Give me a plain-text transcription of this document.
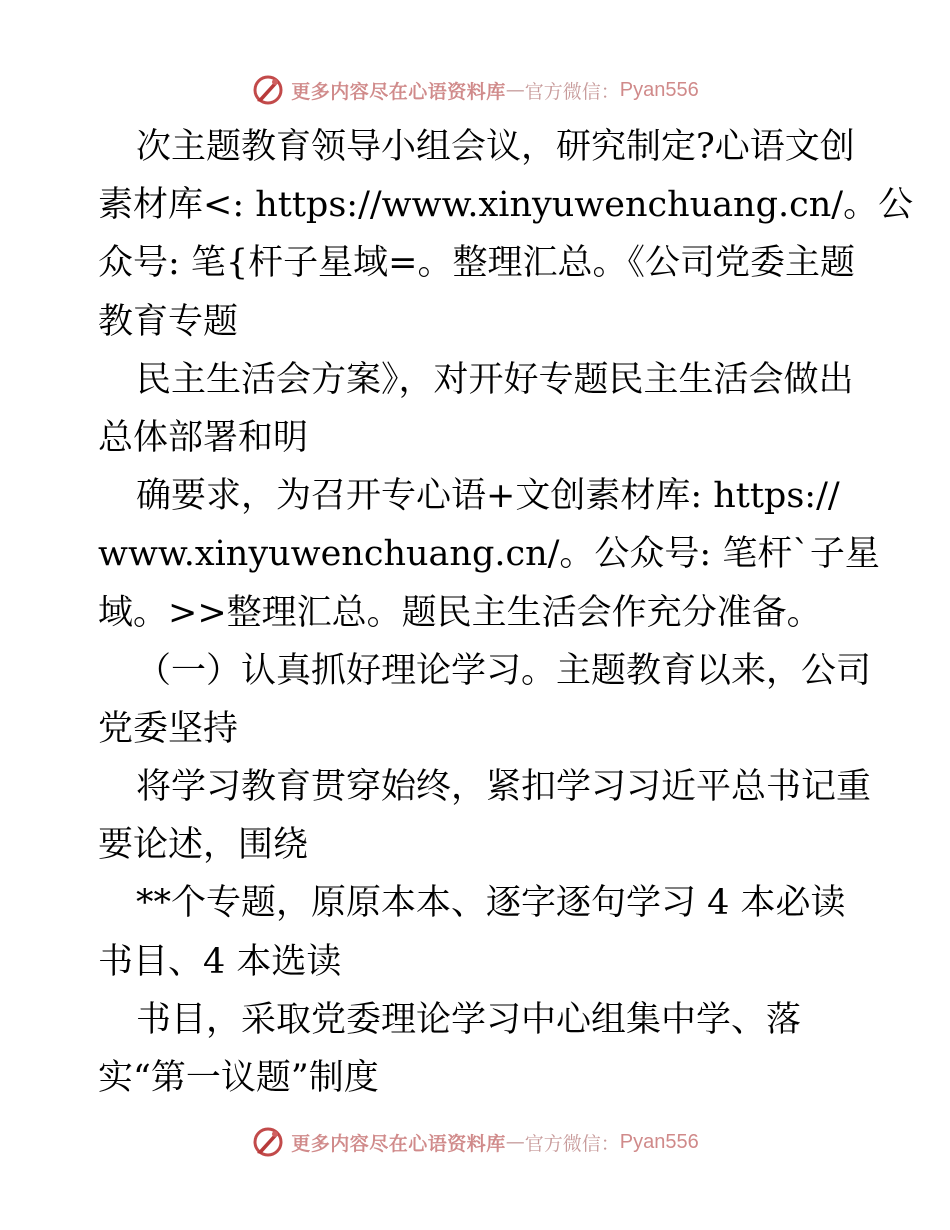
更多内容尽在心语资料库 — 官方微信： Pyan556
次主题教育领导小组会议，研究制定?心语文创
素材库<: https://www.xinyuwenchuang.cn/。公
众号: 笔{杆子星域=。整理汇总。《公司党委主题
教育专题
民主生活会方案》，对开好专题民主生活会做出
总体部署和明
确要求，为召开专心语+文创素材库: https://
www.xinyuwenchuang.cn/。公众号: 笔杆`子星
域。>>整理汇总。题民主生活会作充分准备。
（一）认真抓好理论学习。主题教育以来，公司
党委坚持
将学习教育贯穿始终，紧扣学习习近平总书记重
要论述，围绕
**个专题，原原本本、逐字逐句学习 4 本必读
书目、4 本选读
书目，采取党委理论学习中心组集中学、落
实“第一议题”制度
更多内容尽在心语资料库 — 官方微信： Pyan556
